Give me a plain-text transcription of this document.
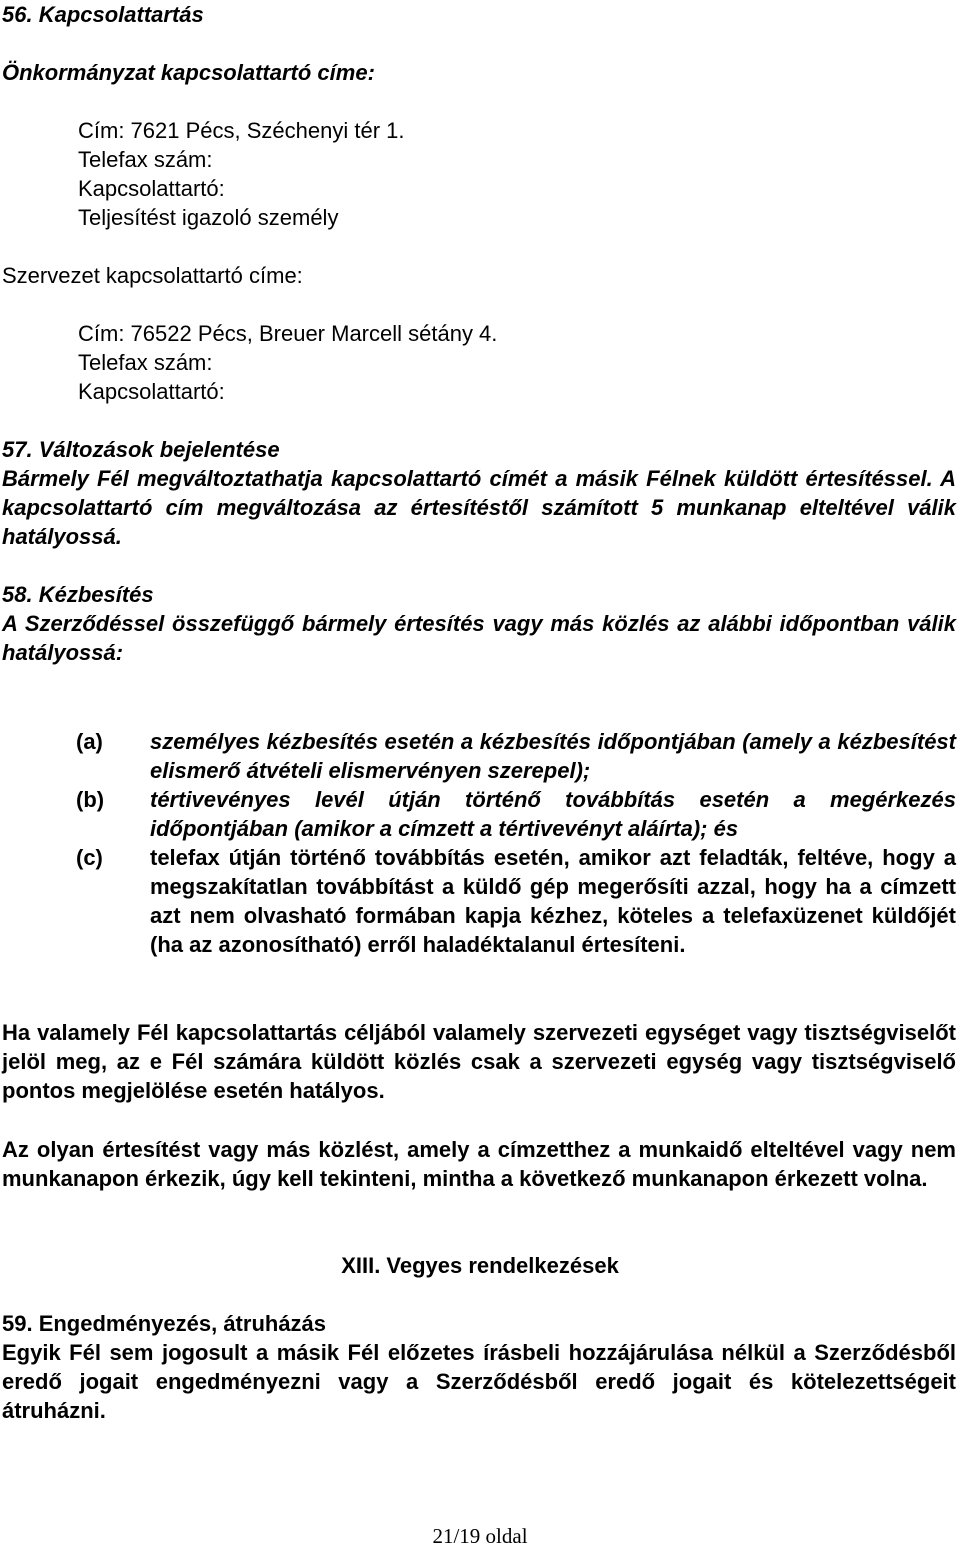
56. Kapcsolattartás
Önkormányzat kapcsolattartó címe:
Cím: 7621 Pécs, Széchenyi tér 1.
Telefax szám:
Kapcsolattartó:
Teljesítést igazoló személy
Szervezet kapcsolattartó címe:
Cím: 76522 Pécs, Breuer Marcell sétány 4.
Telefax szám:
Kapcsolattartó:
57. Változások bejelentése
Bármely Fél megváltoztathatja kapcsolattartó címét a másik Félnek küldött értesítéssel. A kapcsolattartó cím megváltozása az értesítéstől számított 5 munkanap elteltével válik hatályossá.
58. Kézbesítés
A Szerződéssel összefüggő bármely értesítés vagy más közlés az alábbi időpontban válik hatályossá:
(a) személyes kézbesítés esetén a kézbesítés időpontjában (amely a kézbesítést elismerő átvételi elismervényen szerepel);
(b) tértivevényes levél útján történő továbbítás esetén a megérkezés időpontjában (amikor a címzett a tértivevényt aláírta); és
(c) telefax útján történő továbbítás esetén, amikor azt feladták, feltéve, hogy a megszakítatlan továbbítást a küldő gép megerősíti azzal, hogy ha a címzett azt nem olvasható formában kapja kézhez, köteles a telefaxüzenet küldőjét (ha az azonosítható) erről haladéktalanul értesíteni.
Ha valamely Fél kapcsolattartás céljából valamely szervezeti egységet vagy tisztségviselőt jelöl meg, az e Fél számára küldött közlés csak a szervezeti egység vagy tisztségviselő pontos megjelölése esetén hatályos.
Az olyan értesítést vagy más közlést, amely a címzetthez a munkaidő elteltével vagy nem munkanapon érkezik, úgy kell tekinteni, mintha a következő munkanapon érkezett volna.
XIII. Vegyes rendelkezések
59. Engedményezés, átruházás
Egyik Fél sem jogosult a másik Fél előzetes írásbeli hozzájárulása nélkül a Szerződésből eredő jogait engedményezni vagy a Szerződésből eredő jogait és kötelezettségeit átruházni.
21/19 oldal
